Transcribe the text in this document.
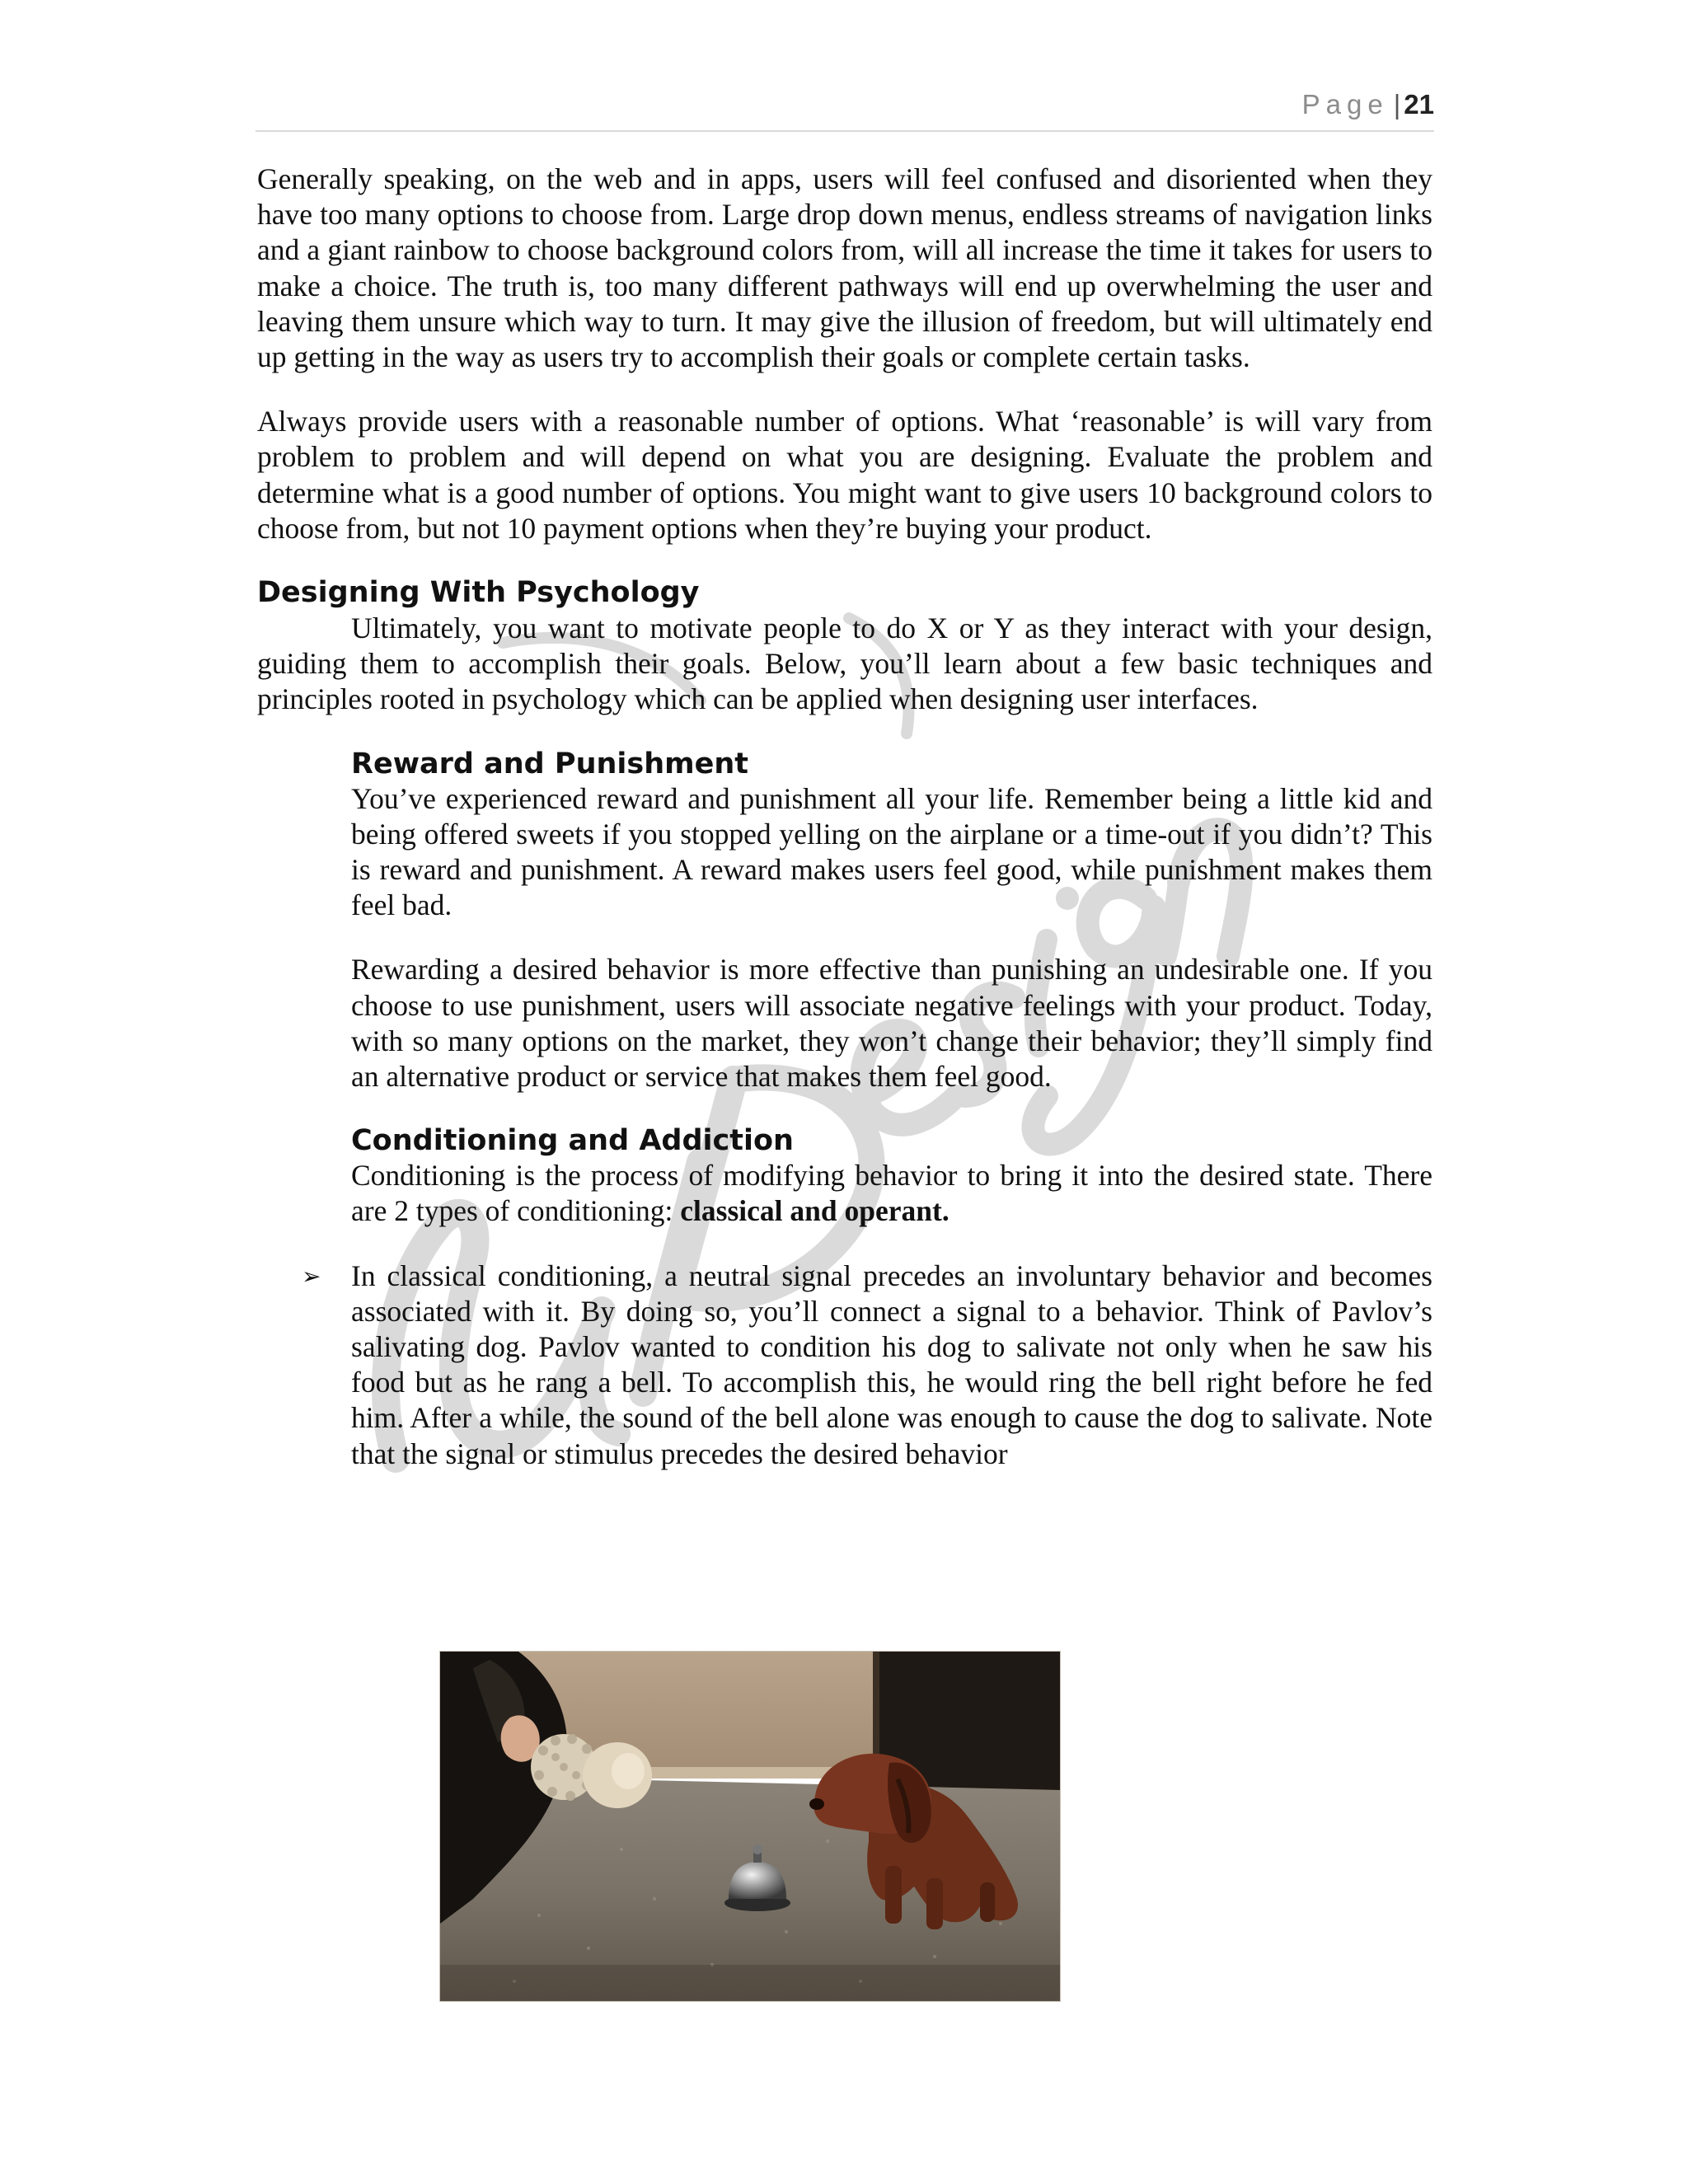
Page | 21

Generally speaking, on the web and in apps, users will feel confused and disoriented when they have too many options to choose from. Large drop down menus, endless streams of navigation links and a giant rainbow to choose background colors from, will all increase the time it takes for users to make a choice. The truth is, too many different pathways will end up overwhelming the user and leaving them unsure which way to turn. It may give the illusion of freedom, but will ultimately end up getting in the way as users try to accomplish their goals or complete certain tasks.

Always provide users with a reasonable number of options. What ‘reasonable’ is will vary from problem to problem and will depend on what you are designing. Evaluate the problem and determine what is a good number of options. You might want to give users 10 background colors to choose from, but not 10 payment options when they’re buying your product.

Designing With Psychology

Ultimately, you want to motivate people to do X or Y as they interact with your design, guiding them to accomplish their goals. Below, you’ll learn about a few basic techniques and principles rooted in psychology which can be applied when designing user interfaces.

Reward and Punishment

You’ve experienced reward and punishment all your life. Remember being a little kid and being offered sweets if you stopped yelling on the airplane or a time-out if you didn’t? This is reward and punishment. A reward makes users feel good, while punishment makes them feel bad.

Rewarding a desired behavior is more effective than punishing an undesirable one. If you choose to use punishment, users will associate negative feelings with your product. Today, with so many options on the market, they won’t change their behavior; they’ll simply find an alternative product or service that makes them feel good.

Conditioning and Addiction

Conditioning is the process of modifying behavior to bring it into the desired state. There are 2 types of conditioning: classical and operant.

➢ In classical conditioning, a neutral signal precedes an involuntary behavior and becomes associated with it. By doing so, you’ll connect a signal to a behavior. Think of Pavlov’s salivating dog. Pavlov wanted to condition his dog to salivate not only when he saw his food but as he rang a bell. To accomplish this, he would ring the bell right before he fed him. After a while, the sound of the bell alone was enough to cause the dog to salivate. Note that the signal or stimulus precedes the desired behavior
